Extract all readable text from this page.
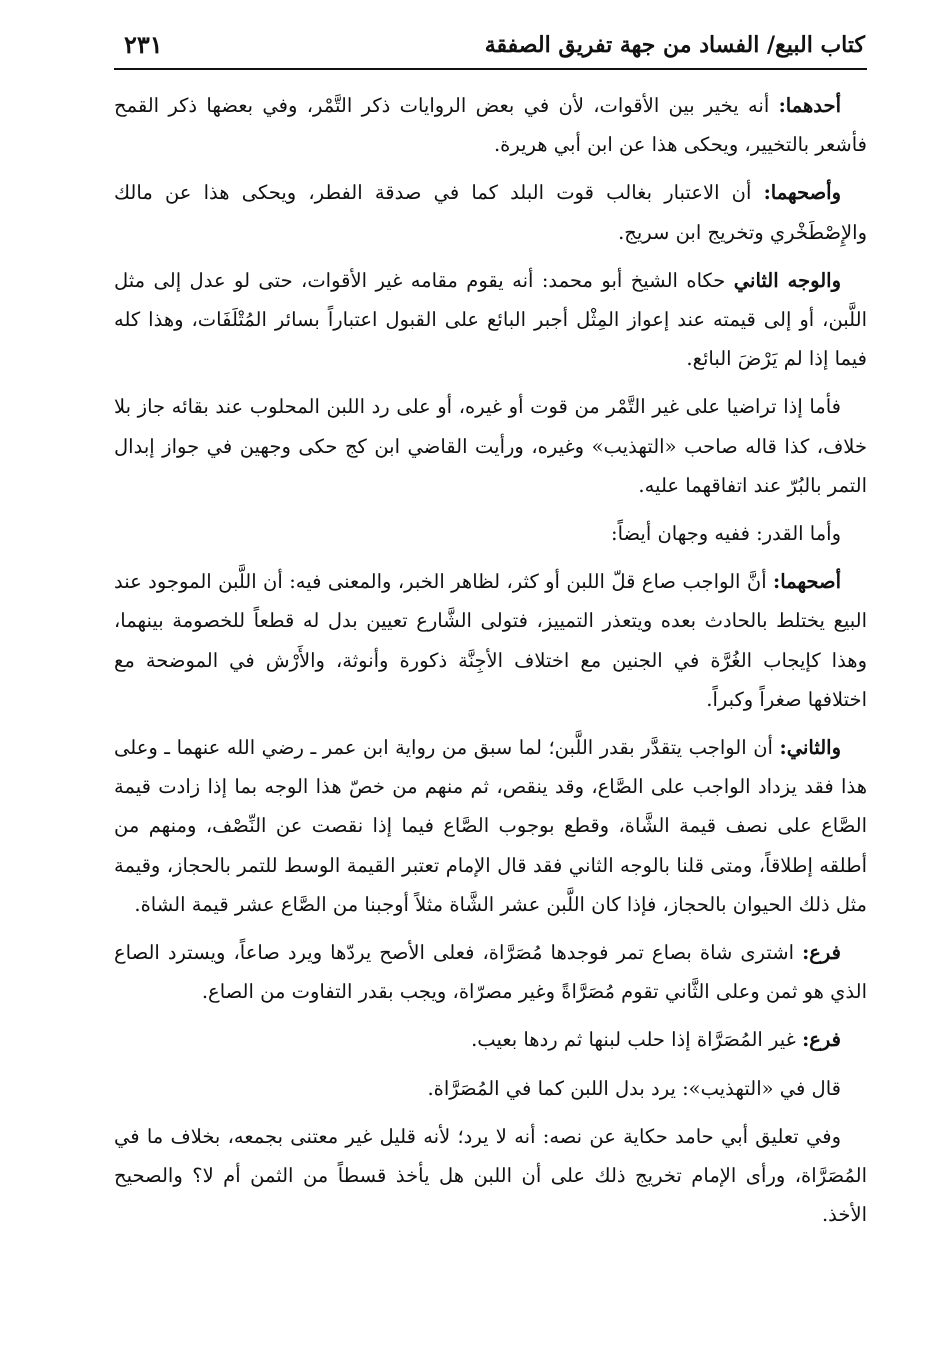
كتاب البيع/ الفساد من جهة تفريق الصفقة
٢٣١

أحدهما: أنه يخير بين الأقوات، لأن في بعض الروايات ذكر التَّمْر، وفي بعضها ذكر القمح فأشعر بالتخيير، ويحكى هذا عن ابن أبي هريرة.

وأصحهما: أن الاعتبار بغالب قوت البلد كما في صدقة الفطر، ويحكى هذا عن مالك والإِصْطَخْري وتخريج ابن سريج.

والوجه الثاني حكاه الشيخ أبو محمد: أنه يقوم مقامه غير الأقوات، حتى لو عدل إلى مثل اللَّبن، أو إلى قيمته عند إعواز المِثْل أجبر البائع على القبول اعتباراً بسائر المُتْلَفَات، وهذا كله فيما إذا لم يَرْضَ البائع.

فأما إذا تراضيا على غير التَّمْر من قوت أو غيره، أو على رد اللبن المحلوب عند بقائه جاز بلا خلاف، كذا قاله صاحب «التهذيب» وغيره، ورأيت القاضي ابن كج حكى وجهين في جواز إبدال التمر بالبُرّ عند اتفاقهما عليه.

وأما القدر: ففيه وجهان أيضاً:

أصحهما: أنَّ الواجب صاع قلّ اللبن أو كثر، لظاهر الخبر، والمعنى فيه: أن اللَّبن الموجود عند البيع يختلط بالحادث بعده ويتعذر التمييز، فتولى الشَّارع تعيين بدل له قطعاً للخصومة بينهما، وهذا كإيجاب الغُرَّة في الجنين مع اختلاف الأجِنَّة ذكورة وأنوثة، والأَرْش في الموضحة مع اختلافها صغراً وكبراً.

والثاني: أن الواجب يتقدَّر بقدر اللَّبن؛ لما سبق من رواية ابن عمر ـ رضي الله عنهما ـ وعلى هذا فقد يزداد الواجب على الصَّاع، وقد ينقص، ثم منهم من خصّ هذا الوجه بما إذا زادت قيمة الصَّاع على نصف قيمة الشَّاة، وقطع بوجوب الصَّاع فيما إذا نقصت عن النِّصْف، ومنهم من أطلقه إطلاقاً، ومتى قلنا بالوجه الثاني فقد قال الإمام تعتبر القيمة الوسط للتمر بالحجاز، وقيمة مثل ذلك الحيوان بالحجاز، فإذا كان اللَّبن عشر الشَّاة مثلاً أوجبنا من الصَّاع عشر قيمة الشاة.

فرع: اشترى شاة بصاع تمر فوجدها مُصَرَّاة، فعلى الأصح يردّها ويرد صاعاً، ويسترد الصاع الذي هو ثمن وعلى الثَّاني تقوم مُصَرَّاةً وغير مصرّاة، ويجب بقدر التفاوت من الصاع.

فرع: غير المُصَرَّاة إذا حلب لبنها ثم ردها بعيب.

قال في «التهذيب»: يرد بدل اللبن كما في المُصَرَّاة.

وفي تعليق أبي حامد حكاية عن نصه: أنه لا يرد؛ لأنه قليل غير معتنى بجمعه، بخلاف ما في المُصَرَّاة، ورأى الإمام تخريج ذلك على أن اللبن هل يأخذ قسطاً من الثمن أم لا؟ والصحيح الأخذ.
